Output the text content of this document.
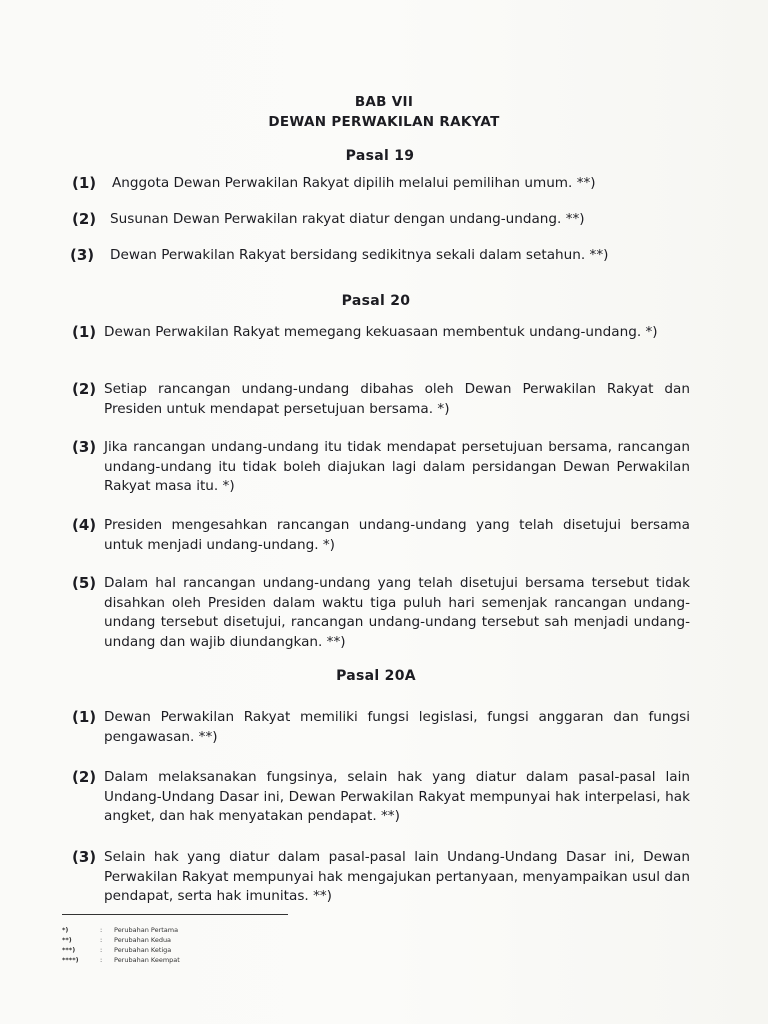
BAB VII
DEWAN PERWAKILAN RAKYAT
Pasal 19
(1)	Anggota Dewan Perwakilan Rakyat dipilih melalui pemilihan umum. **)
(2)	Susunan Dewan Perwakilan rakyat diatur dengan undang-undang. **)
(3)	Dewan Perwakilan Rakyat bersidang sedikitnya sekali dalam setahun. **)
Pasal 20
(1) Dewan Perwakilan Rakyat memegang kekuasaan membentuk undang-undang. *)
(2) Setiap rancangan undang-undang dibahas oleh Dewan Perwakilan Rakyat dan Presiden untuk mendapat persetujuan bersama. *)
(3) Jika rancangan undang-undang itu tidak mendapat persetujuan bersama, rancangan undang-undang itu tidak boleh diajukan lagi dalam persidangan Dewan Perwakilan Rakyat masa itu. *)
(4) Presiden mengesahkan rancangan undang-undang yang telah disetujui bersama untuk menjadi undang-undang. *)
(5) Dalam hal rancangan undang-undang yang telah disetujui bersama tersebut tidak disahkan oleh Presiden dalam waktu tiga puluh hari semenjak rancangan undang-undang tersebut disetujui, rancangan undang-undang tersebut sah menjadi undang-undang dan wajib diundangkan. **)
Pasal 20A
(1) Dewan Perwakilan Rakyat memiliki fungsi legislasi, fungsi anggaran dan fungsi pengawasan. **)
(2) Dalam melaksanakan fungsinya, selain hak yang diatur dalam pasal-pasal lain Undang-Undang Dasar ini, Dewan Perwakilan Rakyat mempunyai hak interpelasi, hak angket, dan hak menyatakan pendapat. **)
(3) Selain hak yang diatur dalam pasal-pasal lain Undang-Undang Dasar ini, Dewan Perwakilan Rakyat mempunyai hak mengajukan pertanyaan, menyampaikan usul dan pendapat, serta hak imunitas. **)
*)	: Perubahan Pertama
**)	: Perubahan Kedua
***)	: Perubahan Ketiga
****)	: Perubahan Keempat
